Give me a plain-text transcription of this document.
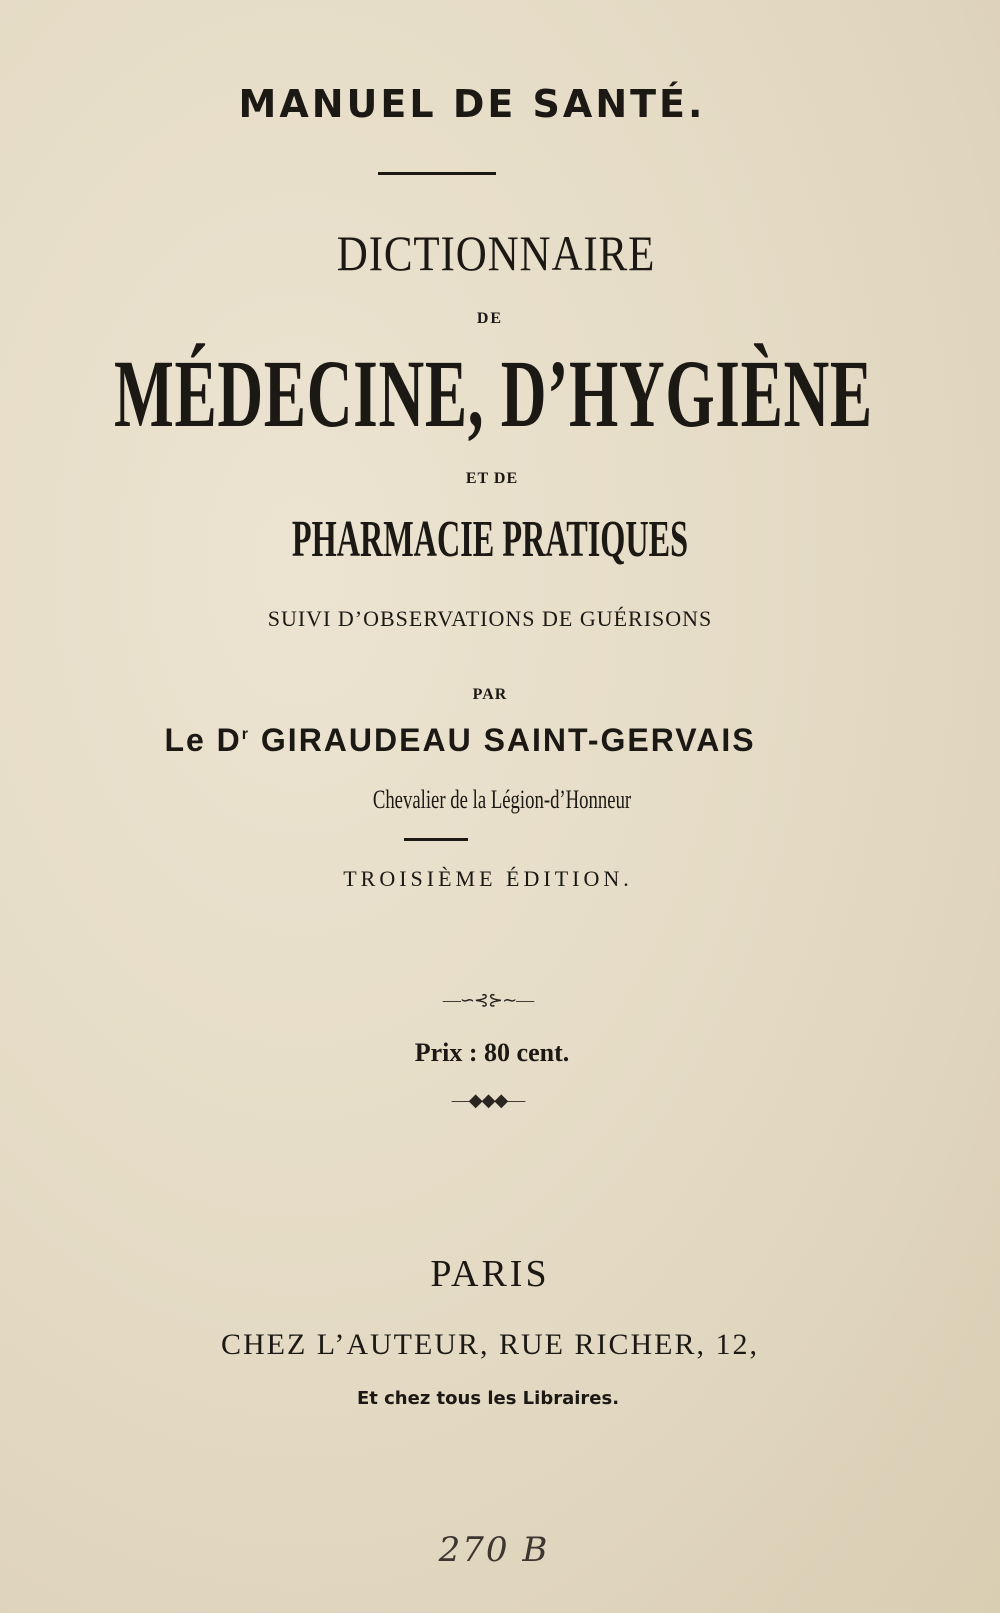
MANUEL DE SANTÉ.
DICTIONNAIRE
DE
MÉDECINE, D’HYGIÈNE
ET DE
PHARMACIE PRATIQUES
SUIVI D’OBSERVATIONS DE GUÉRISONS
PAR
Le $D^r$ GIRAUDEAU SAINT-GERVAIS
Chevalier de la Légion-d’Honneur
TROISIÈME ÉDITION.
—∽⊰⊱∼—
Prix : 80 cent.
—◆◆◆—
PARIS
CHEZ L’AUTEUR, RUE RICHER, 12,
Et chez tous les Libraires.
270 B
